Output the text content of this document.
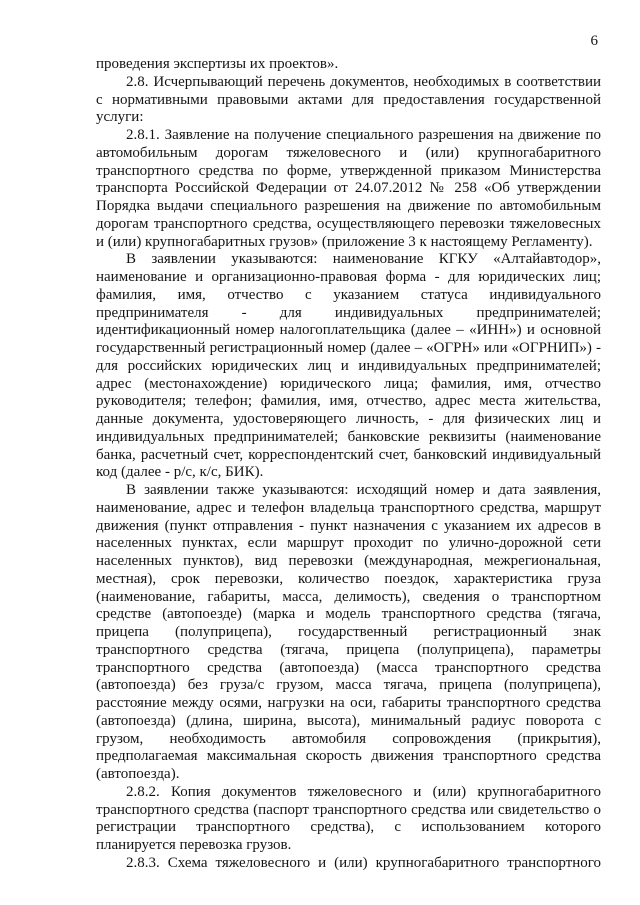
6

проведения экспертизы их проектов».

2.8. Исчерпывающий перечень документов, необходимых в соответствии с нормативными правовыми актами для предоставления государственной услуги:

2.8.1. Заявление на получение специального разрешения на движение по автомобильным дорогам тяжеловесного и (или) крупногабаритного транспортного средства по форме, утвержденной приказом Министерства транспорта Российской Федерации от 24.07.2012 № 258 «Об утверждении Порядка выдачи специального разрешения на движение по автомобильным дорогам транспортного средства, осуществляющего перевозки тяжеловесных и (или) крупногабаритных грузов» (приложение 3 к настоящему Регламенту).

В заявлении указываются: наименование КГКУ «Алтайавтодор», наименование и организационно-правовая форма - для юридических лиц; фамилия, имя, отчество с указанием статуса индивидуального предпринимателя - для индивидуальных предпринимателей; идентификационный номер налогоплательщика (далее – «ИНН») и основной государственный регистрационный номер (далее – «ОГРН» или «ОГРНИП») - для российских юридических лиц и индивидуальных предпринимателей; адрес (местонахождение) юридического лица; фамилия, имя, отчество руководителя; телефон; фамилия, имя, отчество, адрес места жительства, данные документа, удостоверяющего личность, - для физических лиц и индивидуальных предпринимателей; банковские реквизиты (наименование банка, расчетный счет, корреспондентский счет, банковский индивидуальный код (далее - р/с, к/с, БИК).

В заявлении также указываются: исходящий номер и дата заявления, наименование, адрес и телефон владельца транспортного средства, маршрут движения (пункт отправления - пункт назначения с указанием их адресов в населенных пунктах, если маршрут проходит по улично-дорожной сети населенных пунктов), вид перевозки (международная, межрегиональная, местная), срок перевозки, количество поездок, характеристика груза (наименование, габариты, масса, делимость), сведения о транспортном средстве (автопоезде) (марка и модель транспортного средства (тягача, прицепа (полуприцепа), государственный регистрационный знак транспортного средства (тягача, прицепа (полуприцепа), параметры транспортного средства (автопоезда) (масса транспортного средства (автопоезда) без груза/с грузом, масса тягача, прицепа (полуприцепа), расстояние между осями, нагрузки на оси, габариты транспортного средства (автопоезда) (длина, ширина, высота), минимальный радиус поворота с грузом, необходимость автомобиля сопровождения (прикрытия), предполагаемая максимальная скорость движения транспортного средства (автопоезда).

2.8.2. Копия документов тяжеловесного и (или) крупногабаритного транспортного средства (паспорт транспортного средства или свидетельство о регистрации транспортного средства), с использованием которого планируется перевозка грузов.

2.8.3. Схема тяжеловесного и (или) крупногабаритного транспортного
